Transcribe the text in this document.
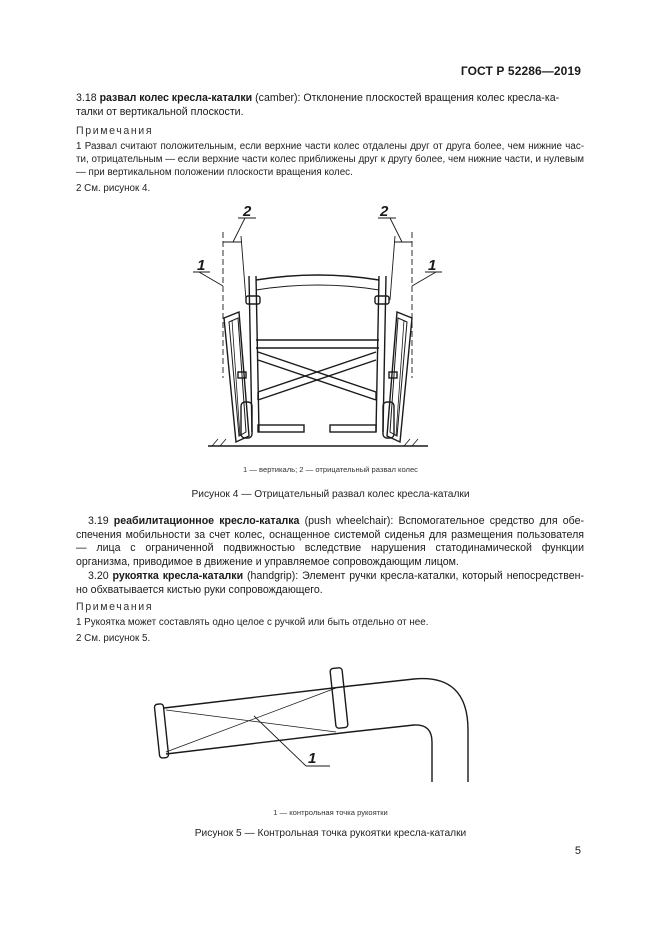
ГОСТ Р 52286—2019
3.18 развал колес кресла-каталки (camber): Отклонение плоскостей вращения колес кресла-ка-
талки от вертикальной плоскости.
Примечания
1 Развал считают положительным, если верхние части колес отдалены друг от друга более, чем нижние час-ти, отрицательным — если верхние части колес приближены друг к другу более, чем нижние части, и нулевым — при вертикальном положении плоскости вращения колес.
2 См. рисунок 4.
2	2
1	1
1 — вертикаль; 2 — отрицательный развал колес
Рисунок 4 — Отрицательный развал колес кресла-каталки
3.19 реабилитационное кресло-каталка (push wheelchair): Вспомогательное средство для обе-спечения мобильности за счет колес, оснащенное системой сиденья для размещения пользователя — лица с ограниченной подвижностью вследствие нарушения статодинамической функции организма, приводимое в движение и управляемое сопровождающим лицом.
3.20 рукоятка кресла-каталки (handgrip): Элемент ручки кресла-каталки, который непосредствен-но обхватывается кистью руки сопровождающего.
Примечания
1 Рукоятка может составлять одно целое с ручкой или быть отдельно от нее.
2 См. рисунок 5.
1
1 — контрольная точка рукоятки
Рисунок 5 — Контрольная точка рукоятки кресла-каталки
5
